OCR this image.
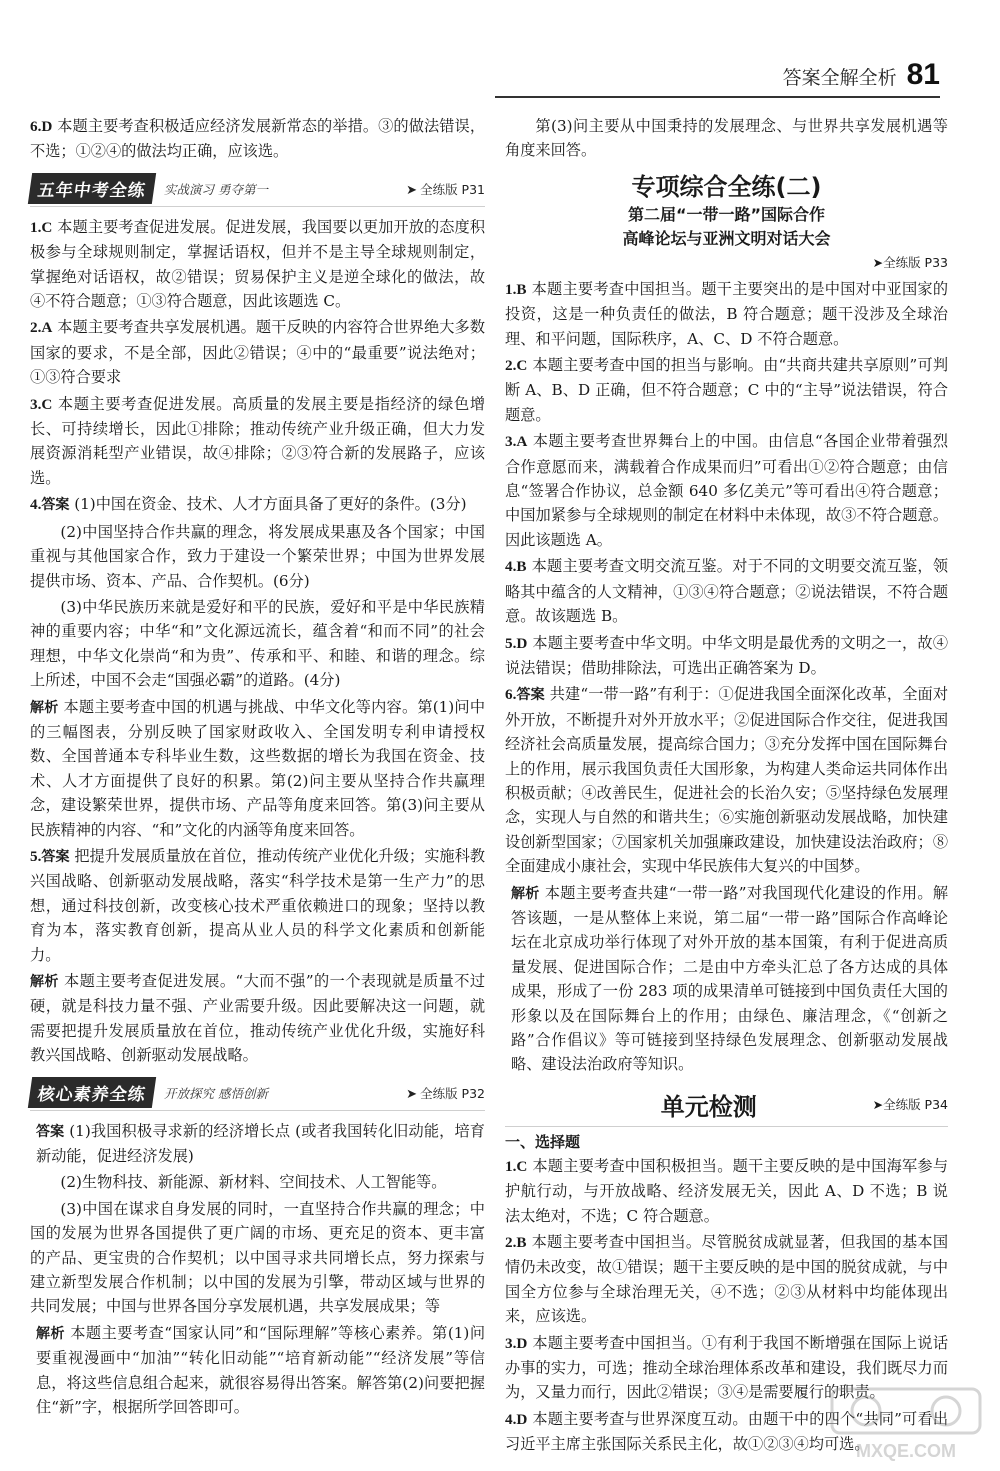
答案全解全析 81

6.D 本题主要考查积极适应经济发展新常态的举措。③的做法错误，不选；①②④的做法均正确，应该选。

五年中考全练	实战演习 勇夺第一	➤ 全练版 P31

1.C 本题主要考查促进发展。促进发展，我国要以更加开放的态度积极参与全球规则制定，掌握话语权，但并不是主导全球规则制定，掌握绝对话语权，故②错误；贸易保护主义是逆全球化的做法，故④不符合题意；①③符合题意，因此该题选 C。

2.A 本题主要考查共享发展机遇。题干反映的内容符合世界绝大多数国家的要求，不是全部，因此②错误；④中的“最重要”说法绝对；①③符合要求

3.C 本题主要考查促进发展。高质量的发展主要是指经济的绿色增长、可持续增长，因此①排除；推动传统产业升级正确，但大力发展资源消耗型产业错误，故④排除；②③符合新的发展路子，应该选。

4.答案 (1)中国在资金、技术、人才方面具备了更好的条件。(3分)

(2)中国坚持合作共赢的理念，将发展成果惠及各个国家；中国重视与其他国家合作，致力于建设一个繁荣世界；中国为世界发展提供市场、资本、产品、合作契机。(6分)

(3)中华民族历来就是爱好和平的民族，爱好和平是中华民族精神的重要内容；中华“和”文化源远流长，蕴含着“和而不同”的社会理想，中华文化崇尚“和为贵”、传承和平、和睦、和谐的理念。综上所述，中国不会走“国强必霸”的道路。(4分)

解析 本题主要考查中国的机遇与挑战、中华文化等内容。第(1)问中的三幅图表，分别反映了国家财政收入、全国发明专利申请授权数、全国普通本专科毕业生数，这些数据的增长为我国在资金、技术、人才方面提供了良好的积累。第(2)问主要从坚持合作共赢理念，建设繁荣世界，提供市场、产品等角度来回答。第(3)问主要从民族精神的内容、“和”文化的内涵等角度来回答。

5.答案 把提升发展质量放在首位，推动传统产业优化升级；实施科教兴国战略、创新驱动发展战略，落实“科学技术是第一生产力”的思想，通过科技创新，改变核心技术严重依赖进口的现象；坚持以教育为本，落实教育创新，提高从业人员的科学文化素质和创新能力。

解析 本题主要考查促进发展。“大而不强”的一个表现就是质量不过硬，就是科技力量不强、产业需要升级。因此要解决这一问题，就需要把提升发展质量放在首位，推动传统产业优化升级，实施好科教兴国战略、创新驱动发展战略。

核心素养全练	开放探究 感悟创新	➤ 全练版 P32

答案 (1)我国积极寻求新的经济增长点 (或者我国转化旧动能，培育新动能，促进经济发展)

(2)生物科技、新能源、新材料、空间技术、人工智能等。

(3)中国在谋求自身发展的同时，一直坚持合作共赢的理念；中国的发展为世界各国提供了更广阔的市场、更充足的资本、更丰富的产品、更宝贵的合作契机；以中国寻求共同增长点，努力探索与建立新型发展合作机制；以中国的发展为引擎，带动区域与世界的共同发展；中国与世界各国分享发展机遇，共享发展成果；等

解析 本题主要考查“国家认同”和“国际理解”等核心素养。第(1)问要重视漫画中“加油”“转化旧动能”“培育新动能”“经济发展”等信息，将这些信息组合起来，就很容易得出答案。解答第(2)问要把握住“新”字，根据所学回答即可。

第(3)问主要从中国秉持的发展理念、与世界共享发展机遇等角度来回答。

专项综合全练(二)
第二届“一带一路”国际合作
高峰论坛与亚洲文明对话大会
➤全练版 P33

1.B 本题主要考查中国担当。题干主要突出的是中国对中亚国家的投资，这是一种负责任的做法，B 符合题意；题干没涉及全球治理、和平问题，国际秩序，A、C、D 不符合题意。

2.C 本题主要考查中国的担当与影响。由“共商共建共享原则”可判断 A、B、D 正确，但不符合题意；C 中的“主导”说法错误，符合题意。

3.A 本题主要考查世界舞台上的中国。由信息“各国企业带着强烈合作意愿而来，满载着合作成果而归”可看出①②符合题意；由信息“签署合作协议，总金额 640 多亿美元”等可看出④符合题意；中国加紧参与全球规则的制定在材料中未体现，故③不符合题意。因此该题选 A。

4.B 本题主要考查文明交流互鉴。对于不同的文明要交流互鉴，领略其中蕴含的人文精神，①③④符合题意；②说法错误，不符合题意。故该题选 B。

5.D 本题主要考查中华文明。中华文明是最优秀的文明之一，故④说法错误；借助排除法，可选出正确答案为 D。

6.答案 共建“一带一路”有利于：①促进我国全面深化改革，全面对外开放，不断提升对外开放水平；②促进国际合作交往，促进我国经济社会高质量发展，提高综合国力；③充分发挥中国在国际舞台上的作用，展示我国负责任大国形象，为构建人类命运共同体作出积极贡献；④改善民生，促进社会的长治久安；⑤坚持绿色发展理念，实现人与自然的和谐共生；⑥实施创新驱动发展战略，加快建设创新型国家；⑦国家机关加强廉政建设，加快建设法治政府；⑧全面建成小康社会，实现中华民族伟大复兴的中国梦。

解析 本题主要考查共建“一带一路”对我国现代化建设的作用。解答该题，一是从整体上来说，第二届“一带一路”国际合作高峰论坛在北京成功举行体现了对外开放的基本国策，有利于促进高质量发展、促进国际合作；二是由中方牵头汇总了各方达成的具体成果，形成了一份 283 项的成果清单可链接到中国负责任大国的形象以及在国际舞台上的作用；由绿色、廉洁理念，《“创新之路”合作倡议》等可链接到坚持绿色发展理念、创新驱动发展战略、建设法治政府等知识。

单元检测	➤全练版 P34
一、选择题

1.C 本题主要考查中国积极担当。题干主要反映的是中国海军参与护航行动，与开放战略、经济发展无关，因此 A、D 不选；B 说法太绝对，不选；C 符合题意。

2.B 本题主要考查中国担当。尽管脱贫成就显著，但我国的基本国情仍未改变，故①错误；题干主要反映的是中国的脱贫成就，与中国全方位参与全球治理无关，④不选；②③从材料中均能体现出来，应该选。

3.D 本题主要考查中国担当。①有利于我国不断增强在国际上说话办事的实力，可选；推动全球治理体系改革和建设，我们既尽力而为，又量力而行，因此②错误；③④是需要履行的职责。

4.D 本题主要考查与世界深度互动。由题干中的四个“共同”可看出习近平主席主张国际关系民主化，故①②③④均可选。

MXQE.COM
